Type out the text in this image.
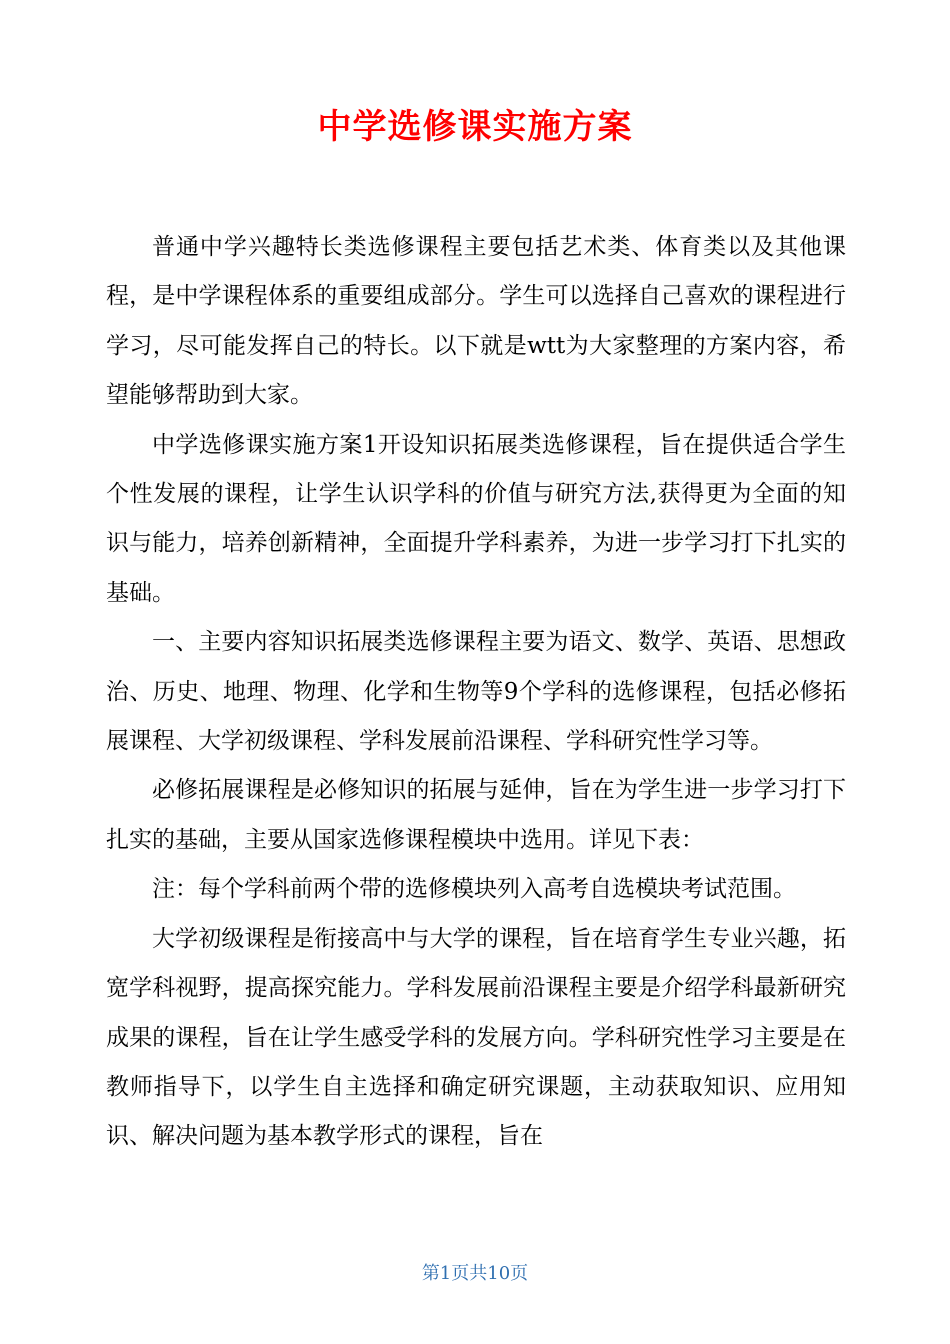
中学选修课实施方案

普通中学兴趣特长类选修课程主要包括艺术类、体育类以及其他课程，是中学课程体系的重要组成部分。学生可以选择自己喜欢的课程进行学习，尽可能发挥自己的特长。以下就是wtt为大家整理的方案内容，希望能够帮助到大家。

中学选修课实施方案1开设知识拓展类选修课程，旨在提供适合学生个性发展的课程，让学生认识学科的价值与研究方法,获得更为全面的知识与能力，培养创新精神，全面提升学科素养，为进一步学习打下扎实的基础。

一、主要内容知识拓展类选修课程主要为语文、数学、英语、思想政治、历史、地理、物理、化学和生物等9个学科的选修课程，包括必修拓展课程、大学初级课程、学科发展前沿课程、学科研究性学习等。

必修拓展课程是必修知识的拓展与延伸，旨在为学生进一步学习打下扎实的基础，主要从国家选修课程模块中选用。详见下表：

注：每个学科前两个带的选修模块列入高考自选模块考试范围。

大学初级课程是衔接高中与大学的课程，旨在培育学生专业兴趣，拓宽学科视野，提高探究能力。学科发展前沿课程主要是介绍学科最新研究成果的课程，旨在让学生感受学科的发展方向。学科研究性学习主要是在教师指导下，以学生自主选择和确定研究课题，主动获取知识、应用知识、解决问题为基本教学形式的课程，旨在

第1页共10页
